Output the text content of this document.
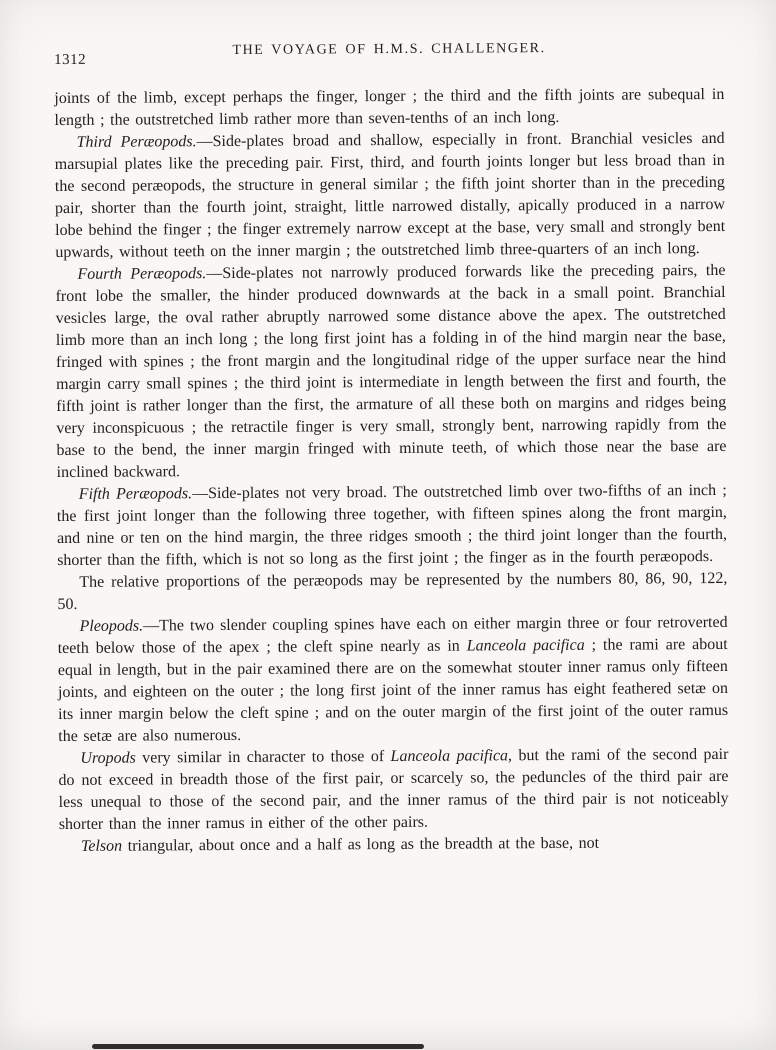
1312
THE VOYAGE OF H.M.S. CHALLENGER.

joints of the limb, except perhaps the finger, longer ; the third and the fifth joints are subequal in length ; the outstretched limb rather more than seven-tenths of an inch long.

Third Peræopods.—Side-plates broad and shallow, especially in front. Branchial vesicles and marsupial plates like the preceding pair. First, third, and fourth joints longer but less broad than in the second peræopods, the structure in general similar ; the fifth joint shorter than in the preceding pair, shorter than the fourth joint, straight, little narrowed distally, apically produced in a narrow lobe behind the finger ; the finger extremely narrow except at the base, very small and strongly bent upwards, without teeth on the inner margin ; the outstretched limb three-quarters of an inch long.

Fourth Peræopods.—Side-plates not narrowly produced forwards like the preceding pairs, the front lobe the smaller, the hinder produced downwards at the back in a small point. Branchial vesicles large, the oval rather abruptly narrowed some distance above the apex. The outstretched limb more than an inch long ; the long first joint has a folding in of the hind margin near the base, fringed with spines ; the front margin and the longitudinal ridge of the upper surface near the hind margin carry small spines ; the third joint is intermediate in length between the first and fourth, the fifth joint is rather longer than the first, the armature of all these both on margins and ridges being very inconspicuous ; the retractile finger is very small, strongly bent, narrowing rapidly from the base to the bend, the inner margin fringed with minute teeth, of which those near the base are inclined backward.

Fifth Peræopods.—Side-plates not very broad. The outstretched limb over two-fifths of an inch ; the first joint longer than the following three together, with fifteen spines along the front margin, and nine or ten on the hind margin, the three ridges smooth ; the third joint longer than the fourth, shorter than the fifth, which is not so long as the first joint ; the finger as in the fourth peræopods.

The relative proportions of the peræopods may be represented by the numbers 80, 86, 90, 122, 50.

Pleopods.—The two slender coupling spines have each on either margin three or four retroverted teeth below those of the apex ; the cleft spine nearly as in Lanceola pacifica ; the rami are about equal in length, but in the pair examined there are on the somewhat stouter inner ramus only fifteen joints, and eighteen on the outer ; the long first joint of the inner ramus has eight feathered setæ on its inner margin below the cleft spine ; and on the outer margin of the first joint of the outer ramus the setæ are also numerous.

Uropods very similar in character to those of Lanceola pacifica, but the rami of the second pair do not exceed in breadth those of the first pair, or scarcely so, the peduncles of the third pair are less unequal to those of the second pair, and the inner ramus of the third pair is not noticeably shorter than the inner ramus in either of the other pairs.

Telson triangular, about once and a half as long as the breadth at the base, not
